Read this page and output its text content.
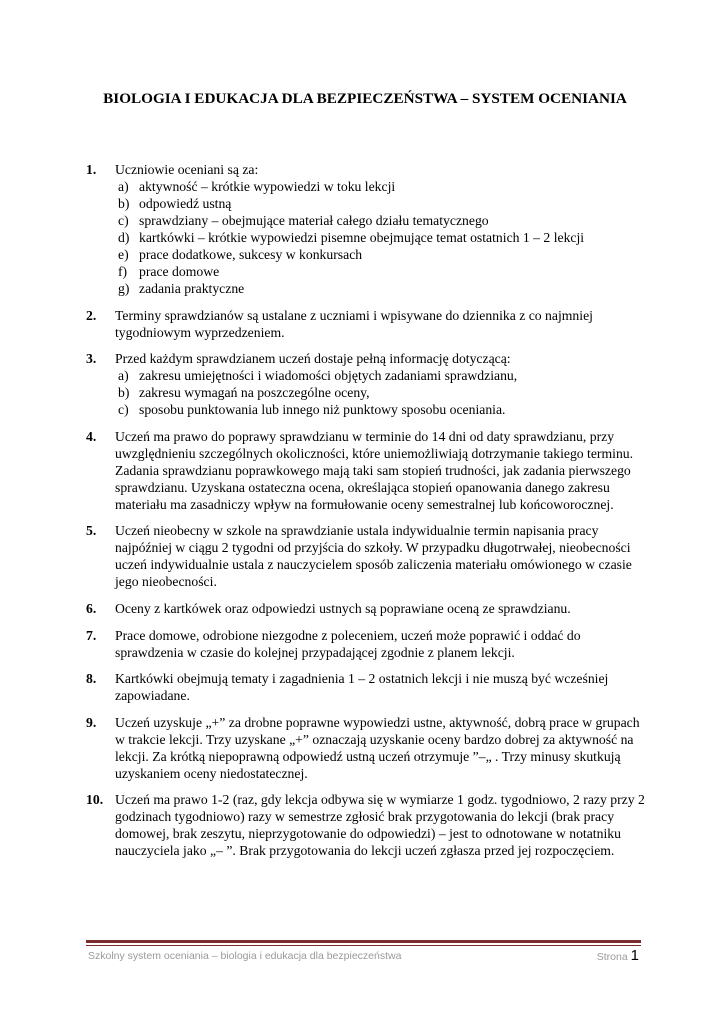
BIOLOGIA I EDUKACJA DLA BEZPIECZEŃSTWA – SYSTEM OCENIANIA
1. Uczniowie oceniani są za:
a) aktywność – krótkie wypowiedzi w toku lekcji
b) odpowiedź ustną
c) sprawdziany – obejmujące materiał całego działu tematycznego
d) kartkówki – krótkie wypowiedzi pisemne obejmujące temat ostatnich 1 – 2 lekcji
e) prace dodatkowe, sukcesy w konkursach
f) prace domowe
g) zadania praktyczne
2. Terminy sprawdzianów są ustalane z uczniami i wpisywane do dziennika z co najmniej tygodniowym wyprzedzeniem.
3. Przed każdym sprawdzianem uczeń dostaje pełną informację dotyczącą:
a) zakresu umiejętności i wiadomości objętych zadaniami sprawdzianu,
b) zakresu wymagań na poszczególne oceny,
c) sposobu punktowania lub innego niż punktowy sposobu oceniania.
4. Uczeń ma prawo do poprawy sprawdzianu w terminie do 14 dni od daty sprawdzianu, przy uwzględnieniu szczególnych okoliczności, które uniemożliwiają dotrzymanie takiego terminu. Zadania sprawdzianu poprawkowego mają taki sam stopień trudności, jak zadania pierwszego sprawdzianu. Uzyskana ostateczna ocena, określająca stopień opanowania danego zakresu materiału ma zasadniczy wpływ na formułowanie oceny semestralnej lub końcoworocznej.
5. Uczeń nieobecny w szkole na sprawdzianie ustala indywidualnie termin napisania pracy najpóźniej w ciągu 2 tygodni od przyjścia do szkoły. W przypadku długotrwałej, nieobecności uczeń indywidualnie ustala z nauczycielem sposób zaliczenia materiału omówionego w czasie jego nieobecności.
6. Oceny z kartkówek oraz odpowiedzi ustnych są poprawiane oceną ze sprawdzianu.
7. Prace domowe, odrobione niezgodne z poleceniem, uczeń może poprawić i oddać do sprawdzenia w czasie do kolejnej przypadającej zgodnie z planem lekcji.
8. Kartkówki obejmują tematy i zagadnienia 1 – 2 ostatnich lekcji i nie muszą być wcześniej zapowiadane.
9. Uczeń uzyskuje „+” za drobne poprawne wypowiedzi ustne, aktywność, dobrą prace w grupach w trakcie lekcji. Trzy uzyskane „+” oznaczają uzyskanie oceny bardzo dobrej za aktywność na lekcji. Za krótką niepoprawną odpowiedź ustną uczeń otrzymuje ”–„ . Trzy minusy skutkują uzyskaniem oceny niedostatecznej.
10. Uczeń ma prawo 1-2 (raz, gdy lekcja odbywa się w wymiarze 1 godz. tygodniowo, 2 razy przy 2 godzinach tygodniowo) razy w semestrze zgłosić brak przygotowania do lekcji (brak pracy domowej, brak zeszytu, nieprzygotowanie do odpowiedzi) – jest to odnotowane w notatniku nauczyciela jako „– ”. Brak przygotowania do lekcji uczeń zgłasza przed jej rozpoczęciem.
Szkolny system oceniania – biologia i edukacja dla bezpieczeństwa	Strona 1
